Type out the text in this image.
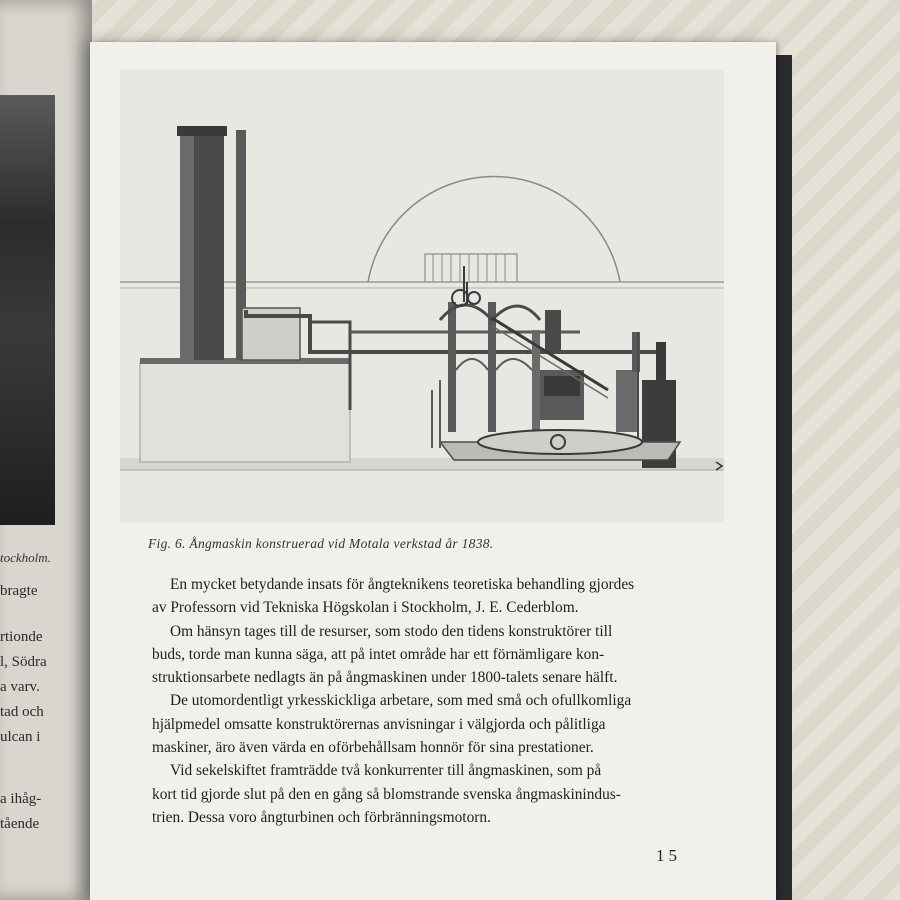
tockholm.
bragte
rtionde
l, Södra
a varv.
tad och
ulcan i
a ihåg-
tående
Fig. 6. Ångmaskin konstruerad vid Motala verkstad år 1838.

En mycket betydande insats för ångteknikens teoretiska behandling gjordes
av Professorn vid Tekniska Högskolan i Stockholm, J. E. Cederblom.

Om hänsyn tages till de resurser, som stodo den tidens konstruktörer till
buds, torde man kunna säga, att på intet område har ett förnämligare kon-
struktionsarbete nedlagts än på ångmaskinen under 1800-talets senare hälft.
De utomordentligt yrkesskickliga arbetare, som med små och ofullkomliga
hjälpmedel omsatte konstruktörernas anvisningar i välgjorda och pålitliga
maskiner, äro även värda en oförbehållsam honnör för sina prestationer.

Vid sekelskiftet framträdde två konkurrenter till ångmaskinen, som på
kort tid gjorde slut på den en gång så blomstrande svenska ångmaskinindus-
trien. Dessa voro ångturbinen och förbränningsmotorn.

15
